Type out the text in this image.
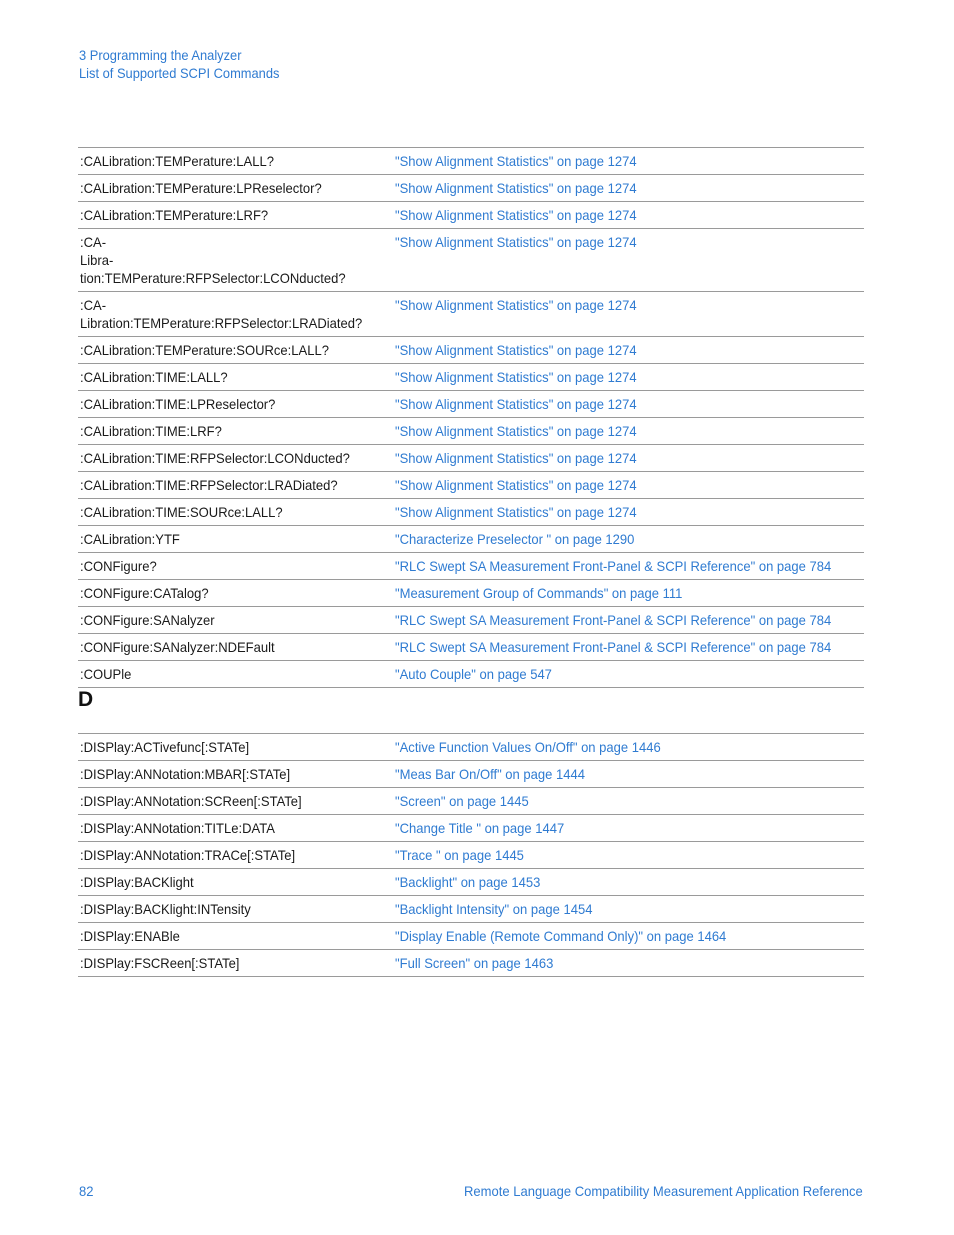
3 Programming the Analyzer
List of Supported SCPI Commands
:CALibration:TEMPerature:LALL?	"Show Alignment Statistics" on page 1274
:CALibration:TEMPerature:LPReselector?	"Show Alignment Statistics" on page 1274
:CALibration:TEMPerature:LRF?	"Show Alignment Statistics" on page 1274
:CA-
Libra-
tion:TEMPerature:RFPSelector:LCONducted?	"Show Alignment Statistics" on page 1274
:CA-
Libration:TEMPerature:RFPSelector:LRADiated?	"Show Alignment Statistics" on page 1274
:CALibration:TEMPerature:SOURce:LALL?	"Show Alignment Statistics" on page 1274
:CALibration:TIME:LALL?	"Show Alignment Statistics" on page 1274
:CALibration:TIME:LPReselector?	"Show Alignment Statistics" on page 1274
:CALibration:TIME:LRF?	"Show Alignment Statistics" on page 1274
:CALibration:TIME:RFPSelector:LCONducted?	"Show Alignment Statistics" on page 1274
:CALibration:TIME:RFPSelector:LRADiated?	"Show Alignment Statistics" on page 1274
:CALibration:TIME:SOURce:LALL?	"Show Alignment Statistics" on page 1274
:CALibration:YTF	"Characterize Preselector " on page 1290
:CONFigure?	"RLC Swept SA Measurement Front-Panel & SCPI Reference" on page 784
:CONFigure:CATalog?	"Measurement Group of Commands" on page 111
:CONFigure:SANalyzer	"RLC Swept SA Measurement Front-Panel & SCPI Reference" on page 784
:CONFigure:SANalyzer:NDEFault	"RLC Swept SA Measurement Front-Panel & SCPI Reference" on page 784
:COUPle	"Auto Couple" on page 547
D
:DISPlay:ACTivefunc[:STATe]	"Active Function Values On/Off" on page 1446
:DISPlay:ANNotation:MBAR[:STATe]	"Meas Bar On/Off" on page 1444
:DISPlay:ANNotation:SCReen[:STATe]	"Screen" on page 1445
:DISPlay:ANNotation:TITLe:DATA	"Change Title " on page 1447
:DISPlay:ANNotation:TRACe[:STATe]	"Trace " on page 1445
:DISPlay:BACKlight	"Backlight" on page 1453
:DISPlay:BACKlight:INTensity	"Backlight Intensity" on page 1454
:DISPlay:ENABle	"Display Enable (Remote Command Only)" on page 1464
:DISPlay:FSCReen[:STATe]	"Full Screen" on page 1463
82	Remote Language Compatibility Measurement Application Reference
